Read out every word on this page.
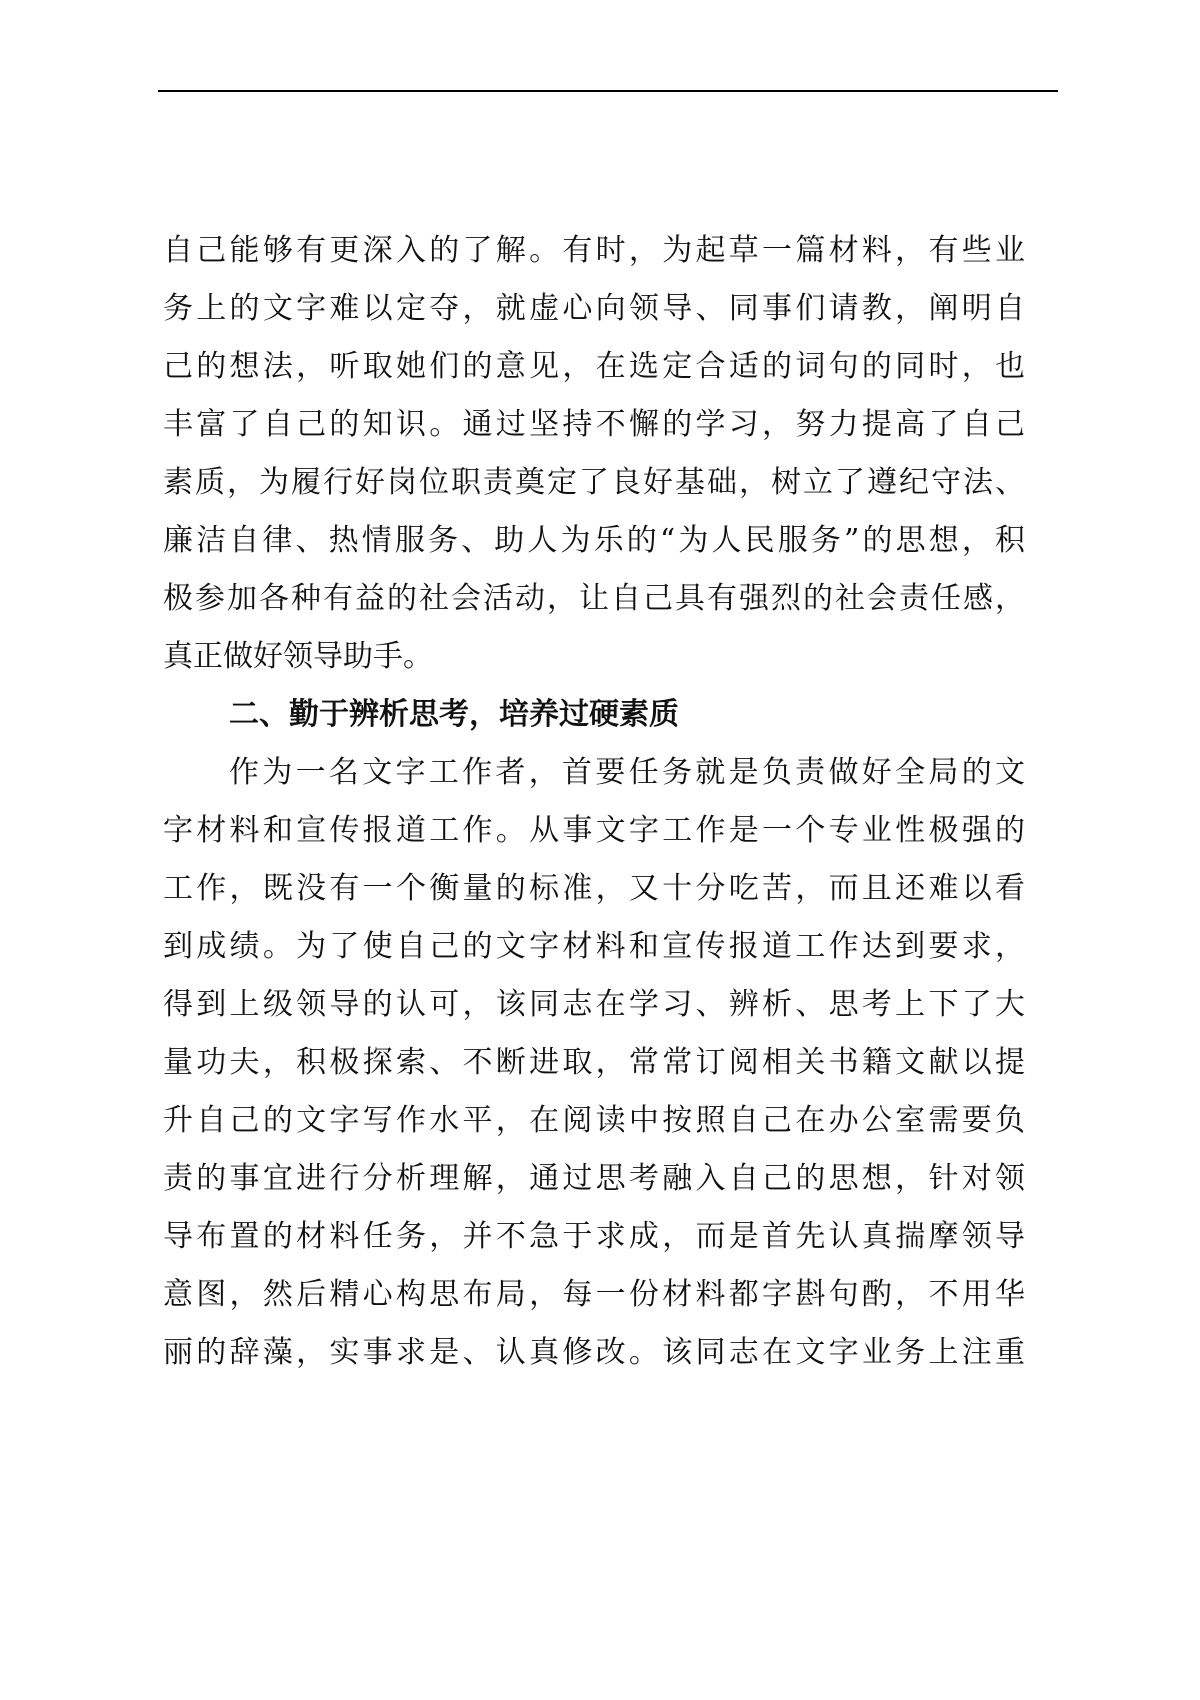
自己能够有更深入的了解。有时，为起草一篇材料，有些业
务上的文字难以定夺，就虚心向领导、同事们请教，阐明自
己的想法，听取她们的意见，在选定合适的词句的同时，也
丰富了自己的知识。通过坚持不懈的学习，努力提高了自己
素质，为履行好岗位职责奠定了良好基础，树立了遵纪守法、
廉洁自律、热情服务、助人为乐的“为人民服务”的思想，积
极参加各种有益的社会活动，让自己具有强烈的社会责任感，
真正做好领导助手。
二、勤于辨析思考，培养过硬素质
作为一名文字工作者，首要任务就是负责做好全局的文
字材料和宣传报道工作。从事文字工作是一个专业性极强的
工作，既没有一个衡量的标准，又十分吃苦，而且还难以看
到成绩。为了使自己的文字材料和宣传报道工作达到要求，
得到上级领导的认可，该同志在学习、辨析、思考上下了大
量功夫，积极探索、不断进取，常常订阅相关书籍文献以提
升自己的文字写作水平，在阅读中按照自己在办公室需要负
责的事宜进行分析理解，通过思考融入自己的思想，针对领
导布置的材料任务，并不急于求成，而是首先认真揣摩领导
意图，然后精心构思布局，每一份材料都字斟句酌，不用华
丽的辞藻，实事求是、认真修改。该同志在文字业务上注重
